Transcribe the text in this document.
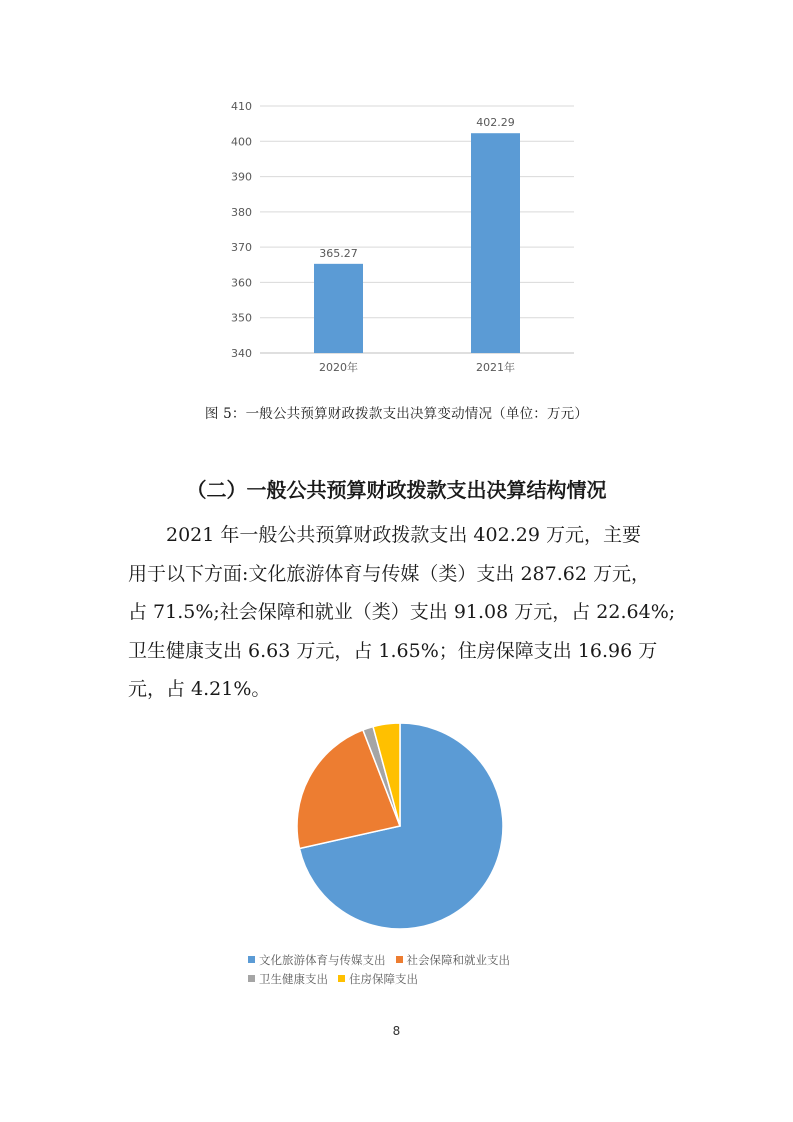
340
350
360
370
380
390
400
410
365.27
2020年
402.29
2021年
图 5：一般公共预算财政拨款支出决算变动情况（单位：万元）
（二）一般公共预算财政拨款支出决算结构情况
2021 年一般公共预算财政拨款支出 402.29 万元，主要
用于以下方面:文化旅游体育与传媒（类）支出 287.62 万元，
占 71.5%;社会保障和就业（类）支出 91.08 万元，占 22.64%;
卫生健康支出 6.63 万元，占 1.65%；住房保障支出 16.96 万
元，占 4.21%。
文化旅游体育与传媒支出 社会保障和就业支出
卫生健康支出 住房保障支出
8
